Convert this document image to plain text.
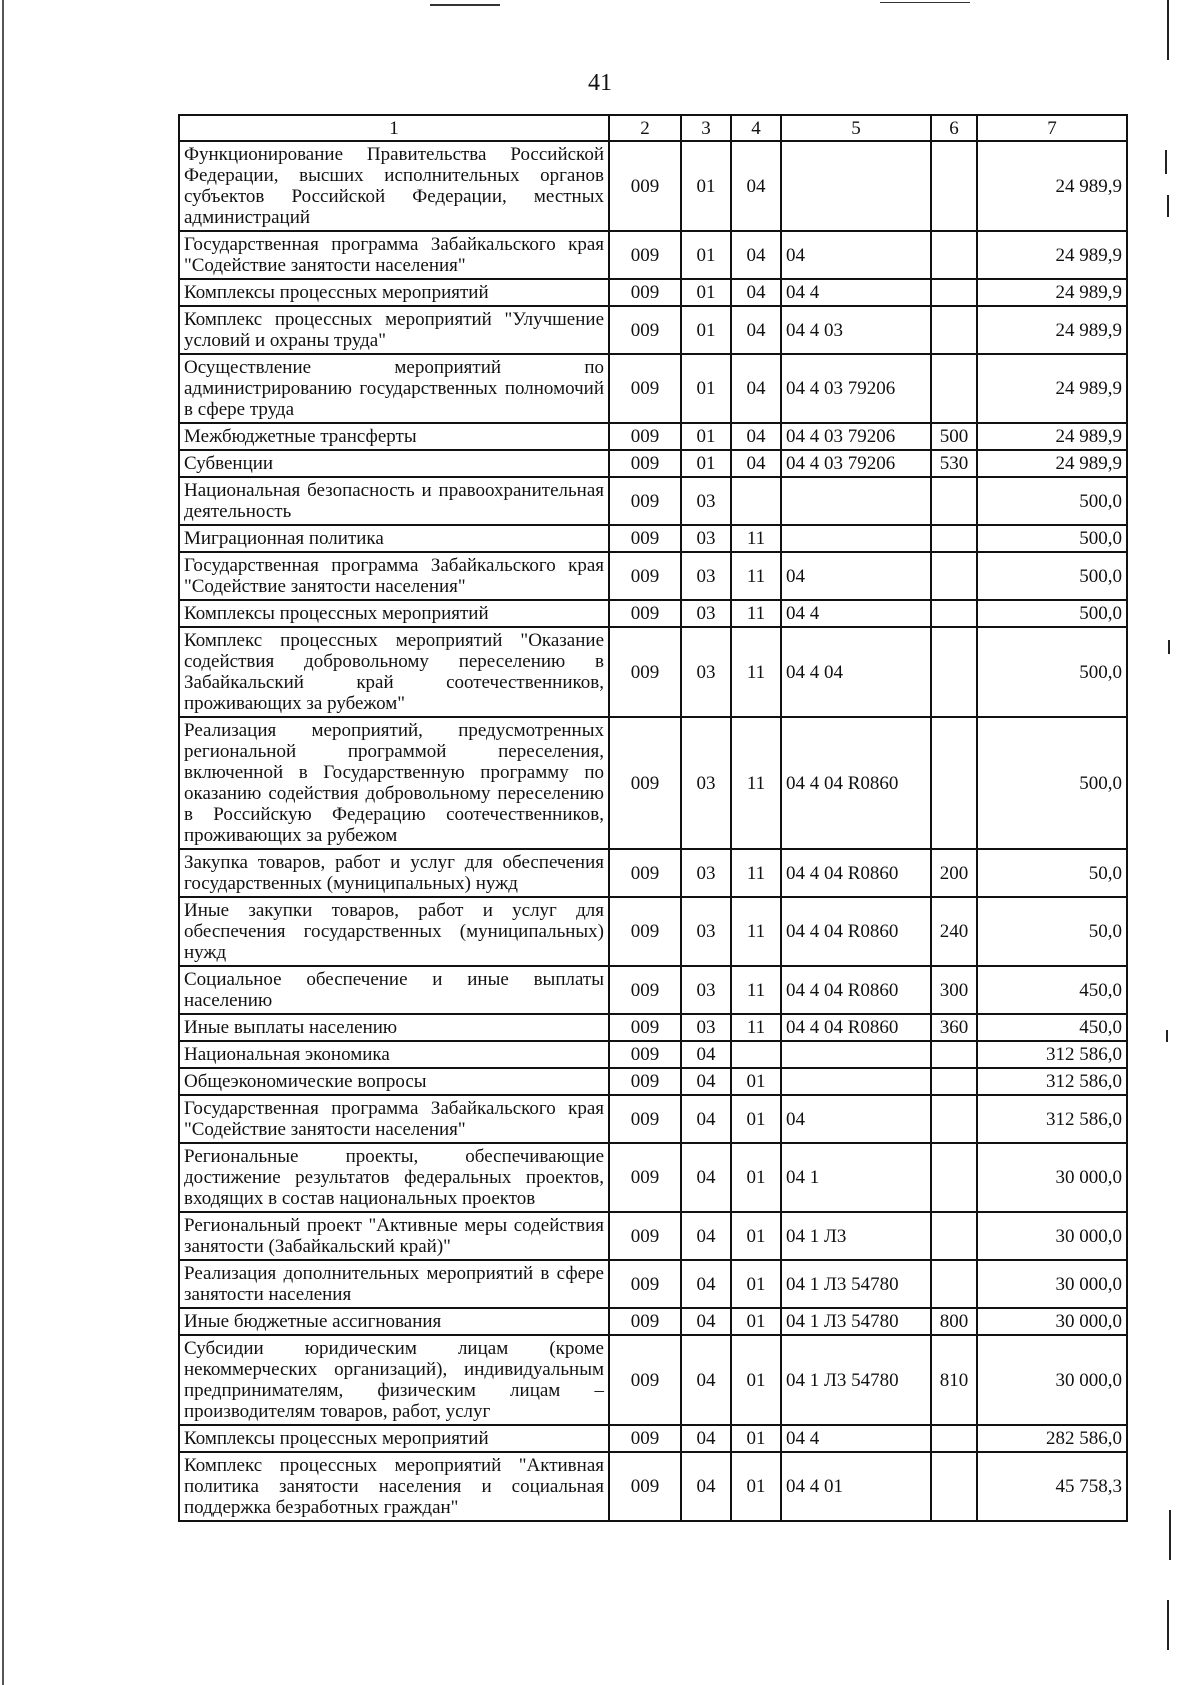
41
1	2	3	4	5	6	7
Функционирование Правительства Российской Федерации, высших исполнительных органов субъектов Российской Федерации, местных администраций	009	01	04			24 989,9
Государственная программа Забайкальского края "Содействие занятости населения"	009	01	04	04		24 989,9
Комплексы процессных мероприятий	009	01	04	04 4		24 989,9
Комплекс процессных мероприятий "Улучшение условий и охраны труда"	009	01	04	04 4 03		24 989,9
Осуществление мероприятий по администрированию государственных полномочий в сфере труда	009	01	04	04 4 03 79206		24 989,9
Межбюджетные трансферты	009	01	04	04 4 03 79206	500	24 989,9
Субвенции	009	01	04	04 4 03 79206	530	24 989,9
Национальная безопасность и правоохранительная деятельность	009	03				500,0
Миграционная политика	009	03	11			500,0
Государственная программа Забайкальского края "Содействие занятости населения"	009	03	11	04		500,0
Комплексы процессных мероприятий	009	03	11	04 4		500,0
Комплекс процессных мероприятий "Оказание содействия добровольному переселению в Забайкальский край соотечественников, проживающих за рубежом"	009	03	11	04 4 04		500,0
Реализация мероприятий, предусмотренных региональной программой переселения, включенной в Государственную программу по оказанию содействия добровольному переселению в Российскую Федерацию соотечественников, проживающих за рубежом	009	03	11	04 4 04 R0860		500,0
Закупка товаров, работ и услуг для обеспечения государственных (муниципальных) нужд	009	03	11	04 4 04 R0860	200	50,0
Иные закупки товаров, работ и услуг для обеспечения государственных (муниципальных) нужд	009	03	11	04 4 04 R0860	240	50,0
Социальное обеспечение и иные выплаты населению	009	03	11	04 4 04 R0860	300	450,0
Иные выплаты населению	009	03	11	04 4 04 R0860	360	450,0
Национальная экономика	009	04				312 586,0
Общеэкономические вопросы	009	04	01			312 586,0
Государственная программа Забайкальского края "Содействие занятости населения"	009	04	01	04		312 586,0
Региональные проекты, обеспечивающие достижение результатов федеральных проектов, входящих в состав национальных проектов	009	04	01	04 1		30 000,0
Региональный проект "Активные меры содействия занятости (Забайкальский край)"	009	04	01	04 1 Л3		30 000,0
Реализация дополнительных мероприятий в сфере занятости населения	009	04	01	04 1 Л3 54780		30 000,0
Иные бюджетные ассигнования	009	04	01	04 1 Л3 54780	800	30 000,0
Субсидии юридическим лицам (кроме некоммерческих организаций), индивидуальным предпринимателям, физическим лицам – производителям товаров, работ, услуг	009	04	01	04 1 Л3 54780	810	30 000,0
Комплексы процессных мероприятий	009	04	01	04 4		282 586,0
Комплекс процессных мероприятий "Активная политика занятости населения и социальная поддержка безработных граждан"	009	04	01	04 4 01		45 758,3
